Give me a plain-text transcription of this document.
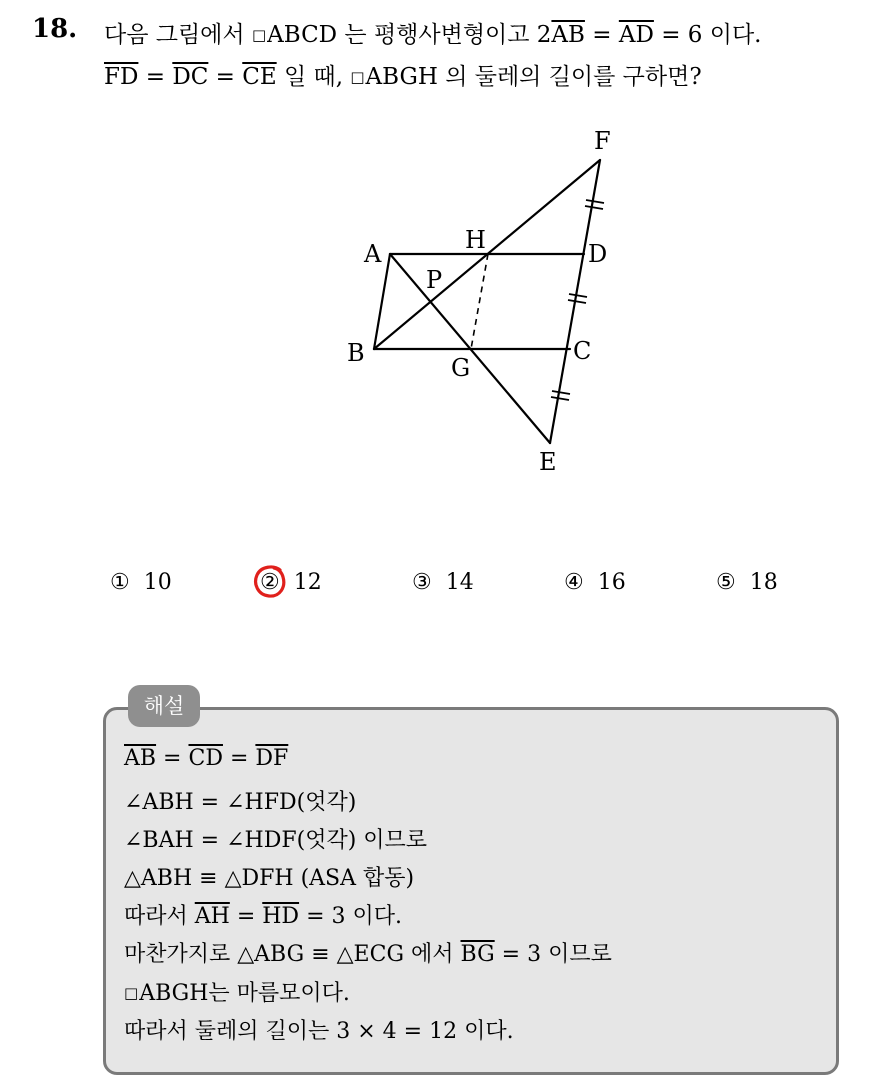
18. 다음 그림에서 □ABCD 는 평행사변형이고 $2\overline{AB} = \overline{AD} = 6$ 이다.
$\overline{FD} = \overline{DC} = \overline{CE}$ 일 때, □ABGH 의 둘레의 길이를 구하면?
F
H	D
A
P
B
G
C
E
① 10	② 12	③ 14	④ 16	⑤ 18
해설
$\overline{AB} = \overline{CD} = \overline{DF}$
∠ABH = ∠HFD(엇각)
∠BAH = ∠HDF(엇각) 이므로
△ABH ≡ △DFH (ASA 합동)
따라서 $\overline{AH} = \overline{HD} = 3$ 이다.
마찬가지로 △ABG ≡ △ECG 에서 $\overline{BG} = 3$ 이므로
□ABGH는 마름모이다.
따라서 둘레의 길이는 3 × 4 = 12 이다.
